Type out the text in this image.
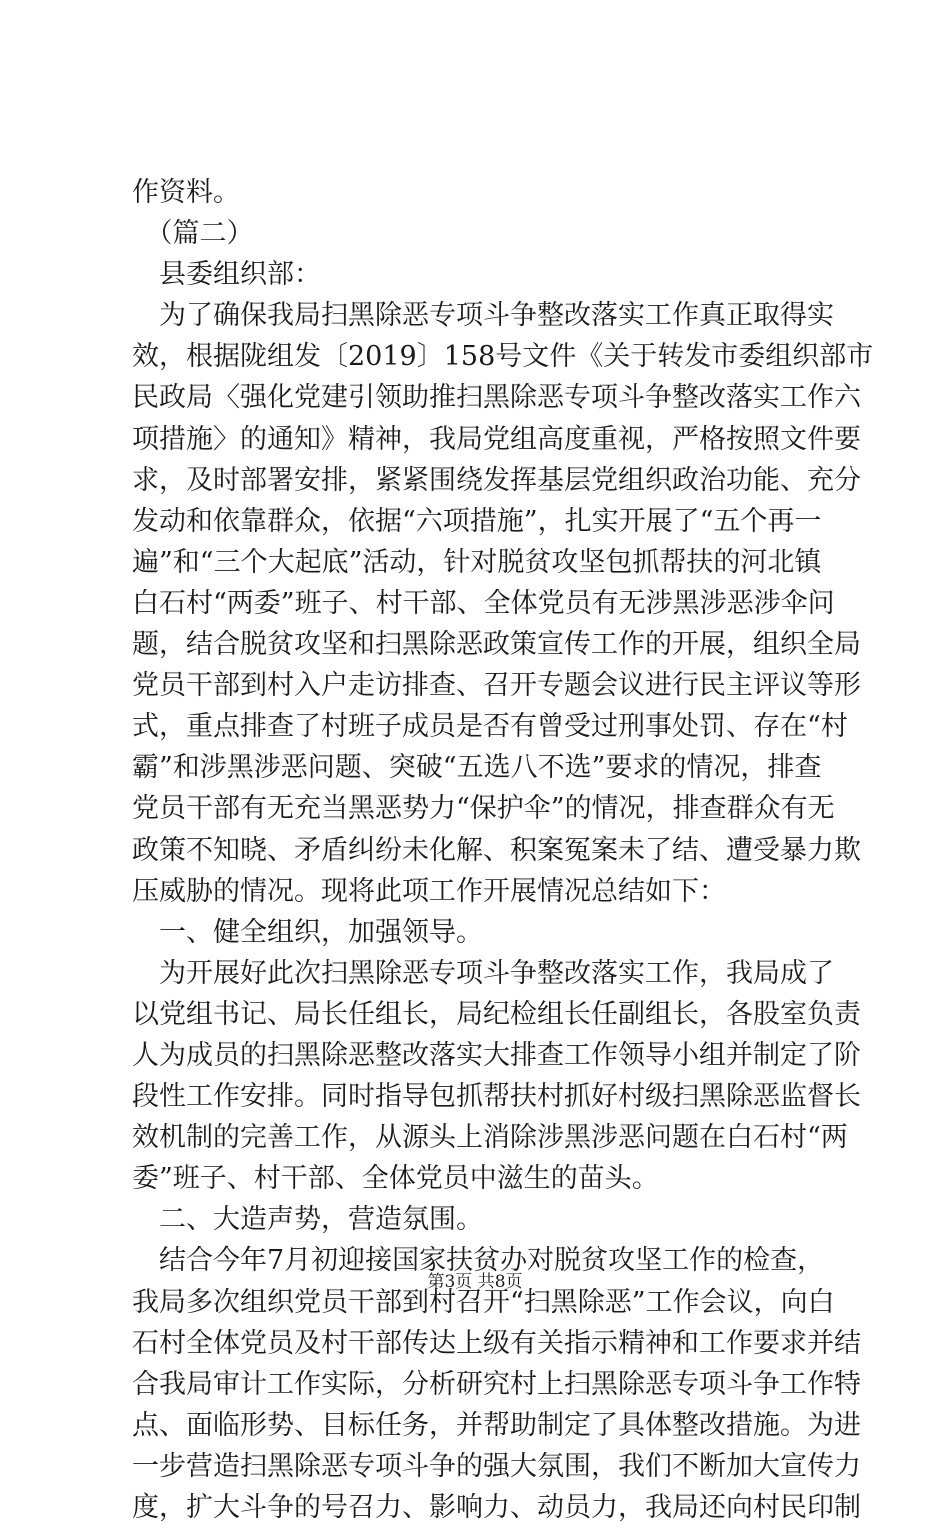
作资料。
　（篇二）
　县委组织部：
　为了确保我局扫黑除恶专项斗争整改落实工作真正取得实
效，根据陇组发〔2019〕158号文件《关于转发市委组织部市
民政局〈强化党建引领助推扫黑除恶专项斗争整改落实工作六
项措施〉的通知》精神，我局党组高度重视，严格按照文件要
求，及时部署安排，紧紧围绕发挥基层党组织政治功能、充分
发动和依靠群众，依据“六项措施”，扎实开展了“五个再一
遍”和“三个大起底”活动，针对脱贫攻坚包抓帮扶的河北镇
白石村“两委”班子、村干部、全体党员有无涉黑涉恶涉伞问
题，结合脱贫攻坚和扫黑除恶政策宣传工作的开展，组织全局
党员干部到村入户走访排查、召开专题会议进行民主评议等形
式，重点排查了村班子成员是否有曾受过刑事处罚、存在“村
霸”和涉黑涉恶问题、突破“五选八不选”要求的情况，排查
党员干部有无充当黑恶势力“保护伞”的情况，排查群众有无
政策不知晓、矛盾纠纷未化解、积案冤案未了结、遭受暴力欺
压威胁的情况。现将此项工作开展情况总结如下：
　一、健全组织，加强领导。
　为开展好此次扫黑除恶专项斗争整改落实工作，我局成了
以党组书记、局长任组长，局纪检组长任副组长，各股室负责
人为成员的扫黑除恶整改落实大排查工作领导小组并制定了阶
段性工作安排。同时指导包抓帮扶村抓好村级扫黑除恶监督长
效机制的完善工作，从源头上消除涉黑涉恶问题在白石村“两
委”班子、村干部、全体党员中滋生的苗头。
　二、大造声势，营造氛围。
　结合今年7月初迎接国家扶贫办对脱贫攻坚工作的检查，
我局多次组织党员干部到村召开“扫黑除恶”工作会议，向白
石村全体党员及村干部传达上级有关指示精神和工作要求并结
合我局审计工作实际，分析研究村上扫黑除恶专项斗争工作特
点、面临形势、目标任务，并帮助制定了具体整改措施。为进
一步营造扫黑除恶专项斗争的强大氛围，我们不断加大宣传力
度，扩大斗争的号召力、影响力、动员力，我局还向村民印制
第3页 共8页
